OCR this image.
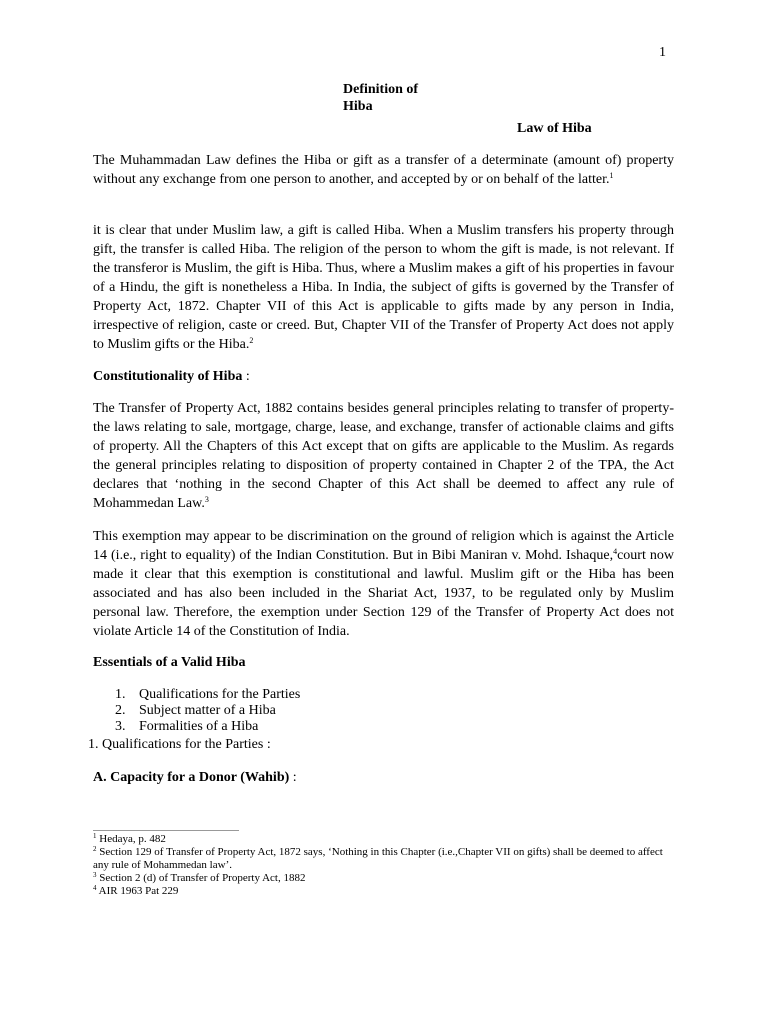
1
Definition of
Hiba
Law of Hiba

The Muhammadan Law defines the Hiba or gift as a transfer of a determinate (amount of) property without any exchange from one person to another, and accepted by or on behalf of the latter.$^1$

it is clear that under Muslim law, a gift is called Hiba. When a Muslim transfers his property through gift, the transfer is called Hiba. The religion of the person to whom the gift is made, is not relevant. If the transferor is Muslim, the gift is Hiba. Thus, where a Muslim makes a gift of his properties in favour of a Hindu, the gift is nonetheless a Hiba. In India, the subject of gifts is governed by the Transfer of Property Act, 1872. Chapter VII of this Act is applicable to gifts made by any person in India, irrespective of religion, caste or creed. But, Chapter VII of the Transfer of Property Act does not apply to Muslim gifts or the Hiba.$^2$

Constitutionality of Hiba :

The Transfer of Property Act, 1882 contains besides general principles relating to transfer of property-the laws relating to sale, mortgage, charge, lease, and exchange, transfer of actionable claims and gifts of property. All the Chapters of this Act except that on gifts are applicable to the Muslim. As regards the general principles relating to disposition of property contained in Chapter 2 of the TPA, the Act declares that ‘nothing in the second Chapter of this Act shall be deemed to affect any rule of Mohammedan Law.$^3$

This exemption may appear to be discrimination on the ground of religion which is against the Article 14 (i.e., right to equality) of the Indian Constitution. But in Bibi Maniran v. Mohd. Ishaque,$^4$court now made it clear that this exemption is constitutional and lawful. Muslim gift or the Hiba has been associated and has also been included in the Shariat Act, 1937, to be regulated only by Muslim personal law. Therefore, the exemption under Section 129 of the Transfer of Property Act does not violate Article 14 of the Constitution of India.

Essentials of a Valid Hiba
1. Qualifications for the Parties
2. Subject matter of a Hiba
3. Formalities of a Hiba
1. Qualifications for the Parties :
A. Capacity for a Donor (Wahib) :
$^1$ Hedaya, p. 482
$^2$ Section 129 of Transfer of Property Act, 1872 says, ‘Nothing in this Chapter (i.e.,Chapter VII on gifts) shall be deemed to affect any rule of Mohammedan law’.
$^3$ Section 2 (d) of Transfer of Property Act, 1882
$^4$ AIR 1963 Pat 229
